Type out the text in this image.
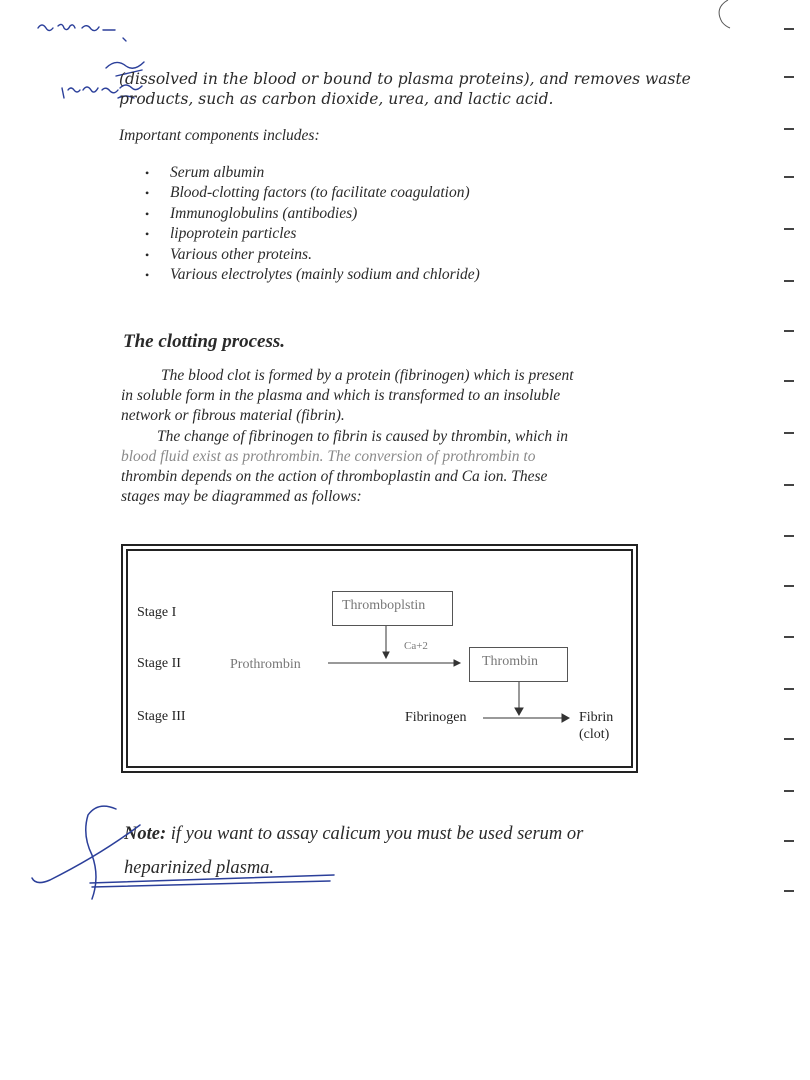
(dissolved in the blood or bound to plasma proteins), and removes waste
products, such as carbon dioxide, urea, and lactic acid.
Important components includes:
• Serum albumin
• Blood-clotting factors (to facilitate coagulation)
• Immunoglobulins (antibodies)
• lipoprotein particles
• Various other proteins.
• Various electrolytes (mainly sodium and chloride)
The clotting process.
The blood clot is formed by a protein (fibrinogen) which is present
in soluble form in the plasma and which is transformed to an insoluble
network or fibrous material (fibrin).
The change of fibrinogen to fibrin is caused by thrombin, which in
blood fluid exist as prothrombin. The conversion of prothrombin to
thrombin depends on the action of thromboplastin and Ca ion. These
stages may be diagrammed as follows:
Stage I
Stage II
Stage III
Thromboplstin
Ca+2
Prothrombin	Thrombin
Fibrinogen	Fibrin
(clot)
Note: if you want to assay calicum you must be used serum or
heparinized plasma.
